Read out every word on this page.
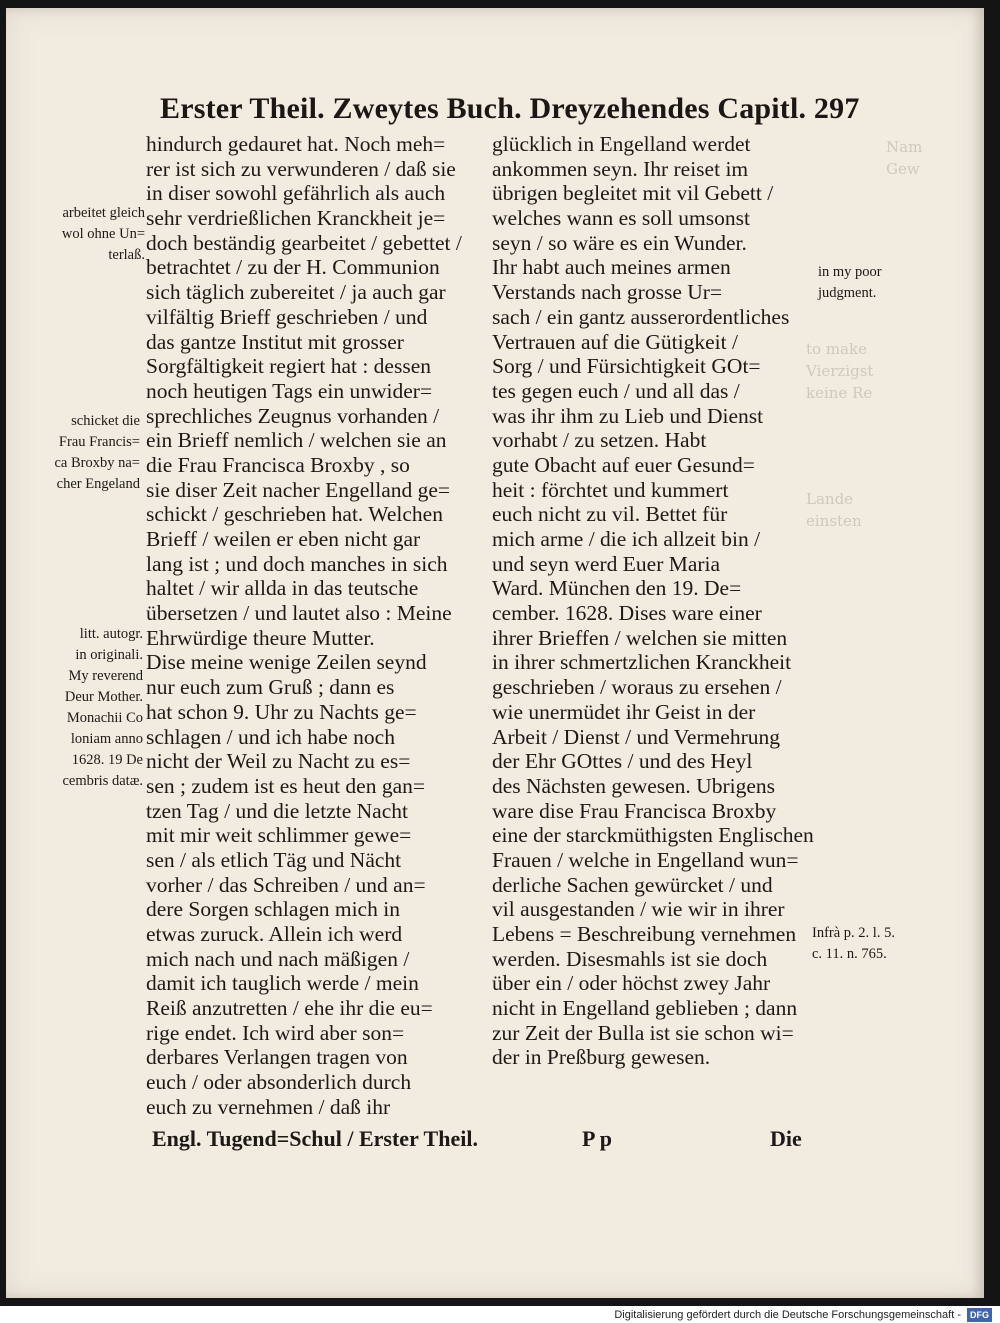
Nam
Gew
to make
Vierzigst
keine Re
Lande
einsten
Erster Theil. Zweytes Buch. Dreyzehendes Capitl. 297
hindurch gedauret hat. Noch meh=
rer ist sich zu verwunderen / daß sie
in diser sowohl gefährlich als auch
sehr verdrießlichen Kranckheit je=
doch beständig gearbeitet / gebettet /
betrachtet / zu der H. Communion
sich täglich zubereitet / ja auch gar
vilfältig Brieff geschrieben / und
das gantze Institut mit grosser
Sorgfältigkeit regiert hat : dessen
noch heutigen Tags ein unwider=
sprechliches Zeugnus vorhanden /
ein Brieff nemlich / welchen sie an
die Frau Francisca Broxby , so
sie diser Zeit nacher Engelland ge=
schickt / geschrieben hat. Welchen
Brieff / weilen er eben nicht gar
lang ist ; und doch manches in sich
haltet / wir allda in das teutsche
übersetzen / und lautet also : Meine
Ehrwürdige theure Mutter.
Dise meine wenige Zeilen seynd
nur euch zum Gruß ; dann es
hat schon 9. Uhr zu Nachts ge=
schlagen / und ich habe noch
nicht der Weil zu Nacht zu es=
sen ; zudem ist es heut den gan=
tzen Tag / und die letzte Nacht
mit mir weit schlimmer gewe=
sen / als etlich Täg und Nächt
vorher / das Schreiben / und an=
dere Sorgen schlagen mich in
etwas zuruck. Allein ich werd
mich nach und nach mäßigen /
damit ich tauglich werde / mein
Reiß anzutretten / ehe ihr die eu=
rige endet. Ich wird aber son=
derbares Verlangen tragen von
euch / oder absonderlich durch
euch zu vernehmen / daß ihr
glücklich in Engelland werdet
ankommen seyn. Ihr reiset im
übrigen begleitet mit vil Gebett /
welches wann es soll umsonst
seyn / so wäre es ein Wunder.
Ihr habt auch meines armen
Verstands nach grosse Ur=
sach / ein gantz ausserordentliches
Vertrauen auf die Gütigkeit /
Sorg / und Fürsichtigkeit GOt=
tes gegen euch / und all das /
was ihr ihm zu Lieb und Dienst
vorhabt / zu setzen. Habt
gute Obacht auf euer Gesund=
heit : förchtet und kummert
euch nicht zu vil. Bettet für
mich arme / die ich allzeit bin /
und seyn werd Euer Maria
Ward. München den 19. De=
cember. 1628. Dises ware einer
ihrer Brieffen / welchen sie mitten
in ihrer schmertzlichen Kranckheit
geschrieben / woraus zu ersehen /
wie unermüdet ihr Geist in der
Arbeit / Dienst / und Vermehrung
der Ehr GOttes / und des Heyl
des Nächsten gewesen. Ubrigens
ware dise Frau Francisca Broxby
eine der starckmüthigsten Englischen
Frauen / welche in Engelland wun=
derliche Sachen gewürcket / und
vil ausgestanden / wie wir in ihrer
Lebens = Beschreibung vernehmen
werden. Disesmahls ist sie doch
über ein / oder höchst zwey Jahr
nicht in Engelland geblieben ; dann
zur Zeit der Bulla ist sie schon wi=
der in Preßburg gewesen.
arbeitet gleich
wol ohne Un=
terlaß.
schicket die
Frau Francis=
ca Broxby na=
cher Engeland
litt. autogr.
in originali.
My reverend
Deur Mother.
Monachii Co
loniam anno
1628. 19 De
cembris datæ.
in my poor
judgment.
Infrà p. 2. l. 5.
c. 11. n. 765.
Engl. Tugend=Schul / Erster Theil.	P p	Die
Digitalisierung gefördert durch die Deutsche Forschungsgemeinschaft -	DFG
